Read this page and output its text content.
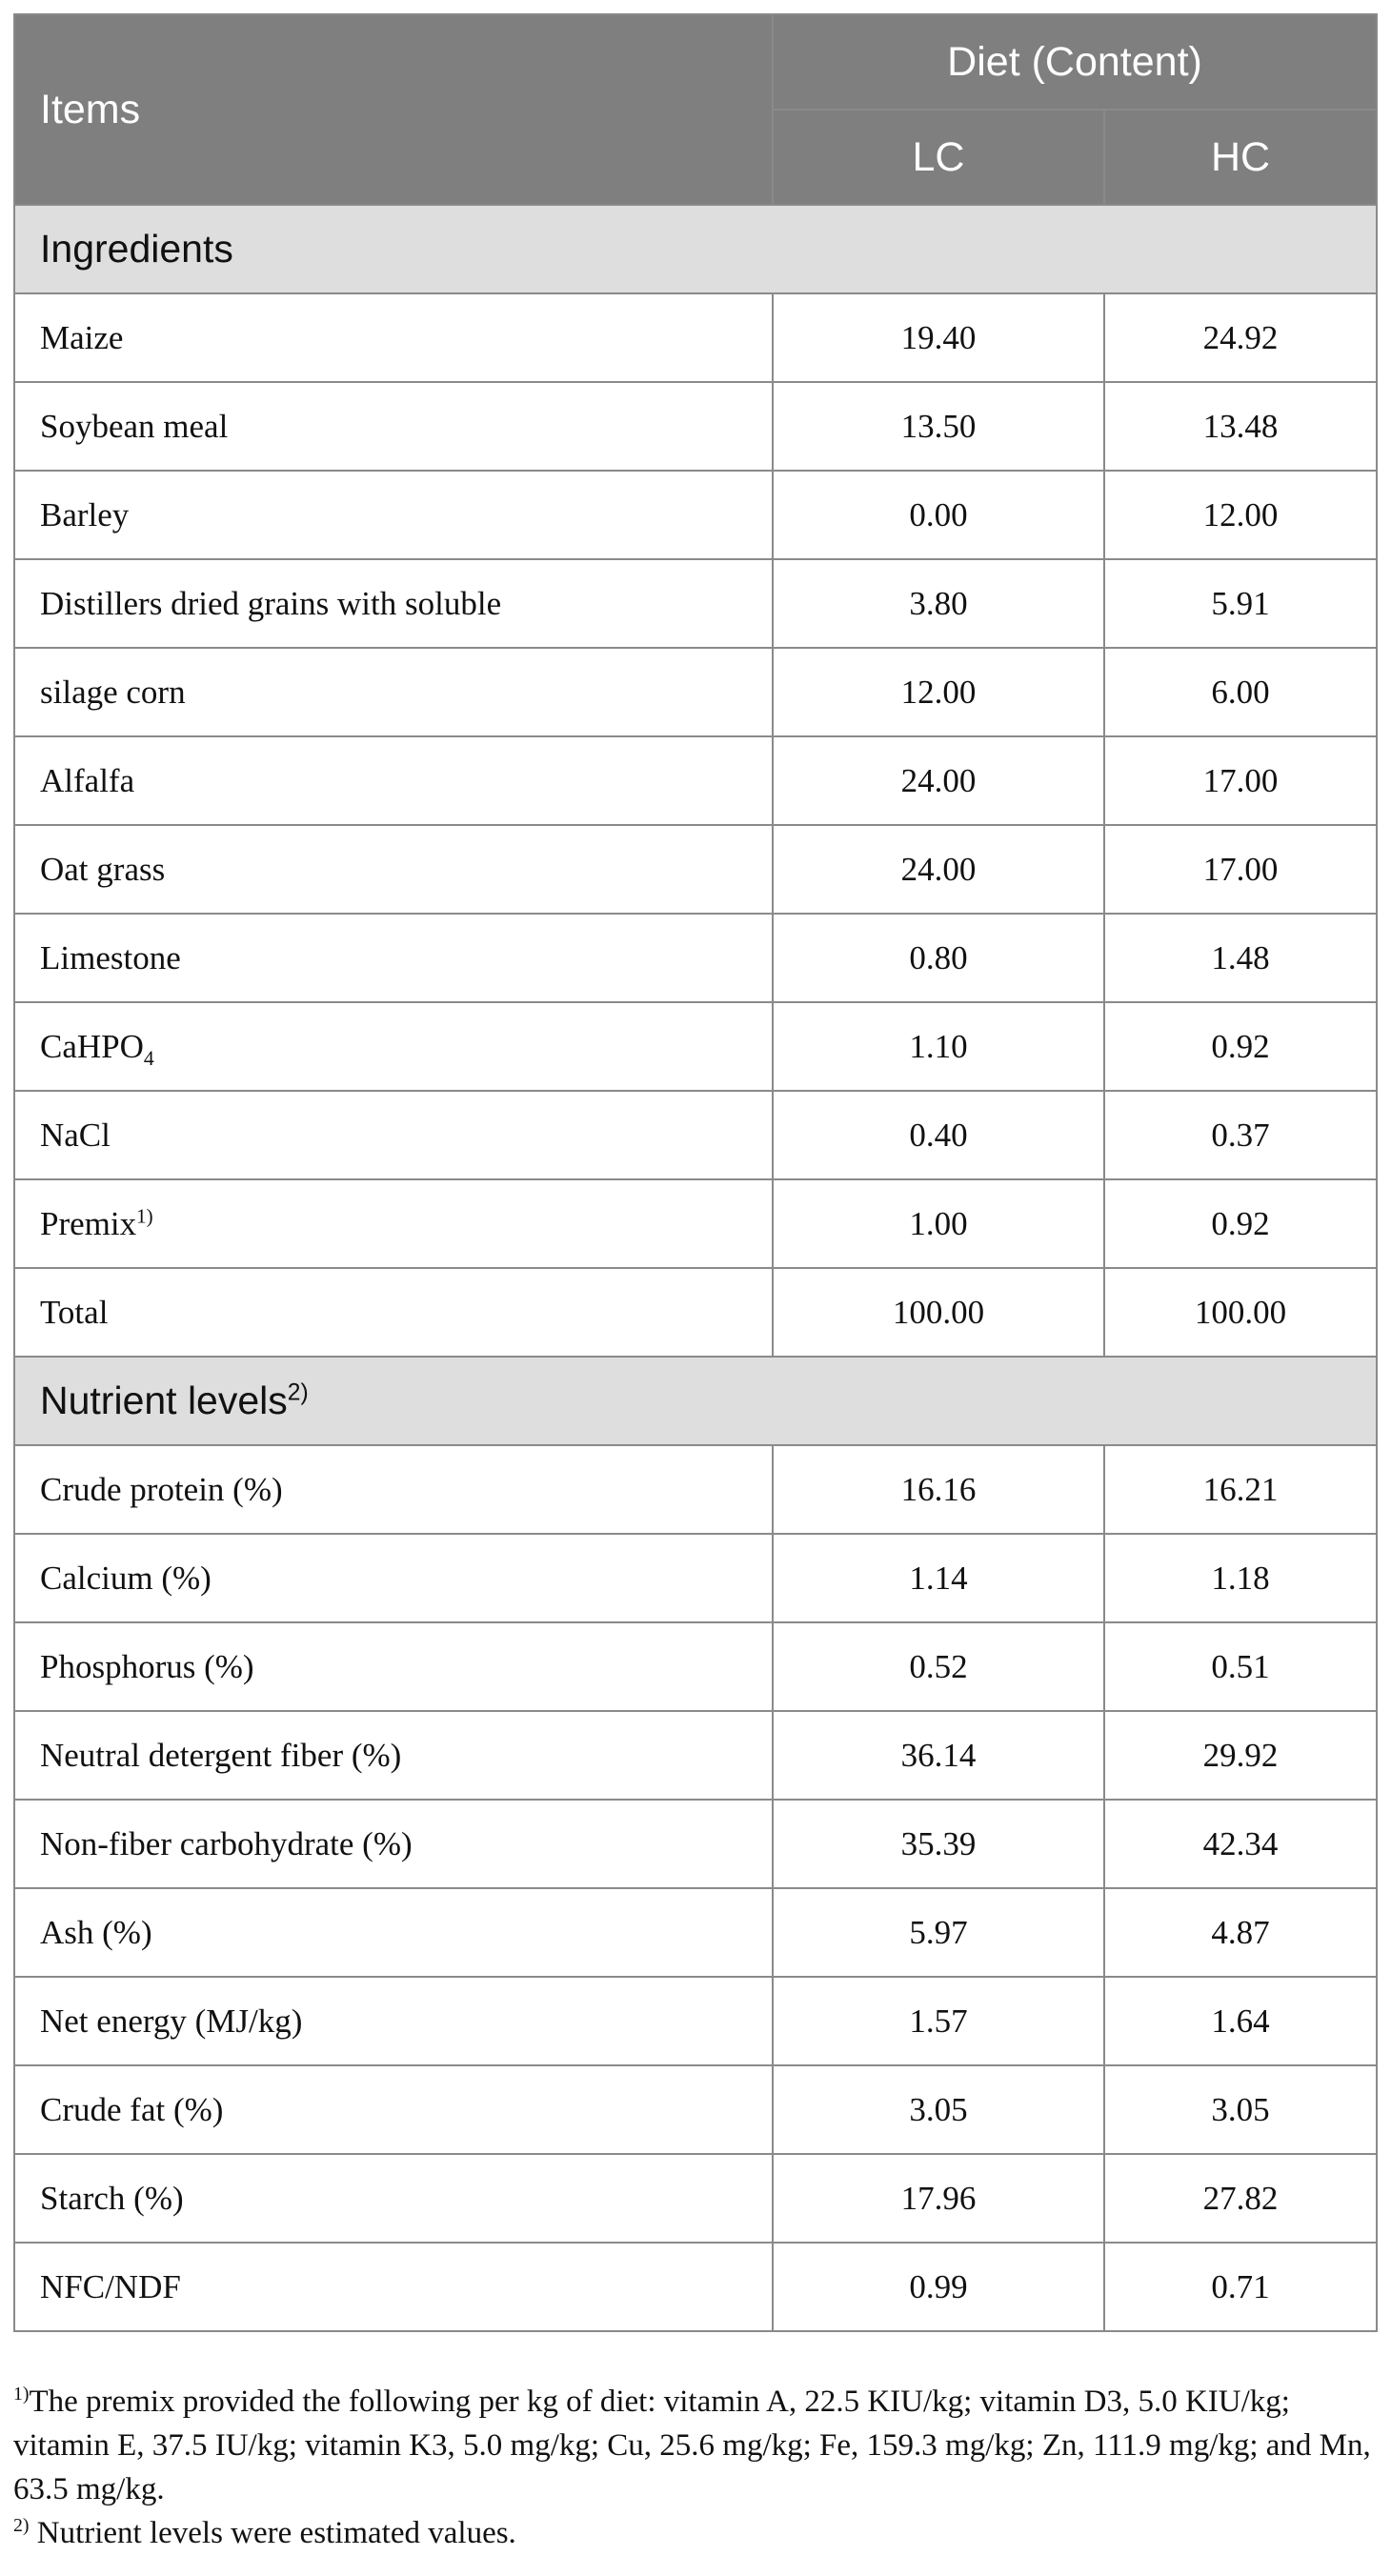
Items	Diet (Content)	
	LC	HC
Ingredients		
Maize	19.40	24.92
Soybean meal	13.50	13.48
Barley	0.00	12.00
Distillers dried grains with soluble	3.80	5.91
silage corn	12.00	6.00
Alfalfa	24.00	17.00
Oat grass	24.00	17.00
Limestone	0.80	1.48
CaHPO$_4$	1.10	0.92
NaCl	0.40	0.37
Premix$^{1)}$	1.00	0.92
Total	100.00	100.00
Nutrient levels$^{2)}$
Crude protein (%)	16.16	16.21
Calcium (%)	1.14	1.18
Phosphorus (%)	0.52	0.51
Neutral detergent fiber (%)	36.14	29.92
Non-fiber carbohydrate (%)	35.39	42.34
Ash (%)	5.97	4.87
Net energy (MJ/kg)	1.57	1.64
Crude fat (%)	3.05	3.05
Starch (%)	17.96	27.82
NFC/NDF	0.99	0.71

$^{1)}$The premix provided the following per kg of diet: vitamin A, 22.5 KIU/kg; vitamin D3, 5.0 KIU/kg; vitamin E, 37.5 IU/kg; vitamin K3, 5.0 mg/kg; Cu, 25.6 mg/kg; Fe, 159.3 mg/kg; Zn, 111.9 mg/kg; and Mn, 63.5 mg/kg.

$^{2)}$ Nutrient levels were estimated values.
